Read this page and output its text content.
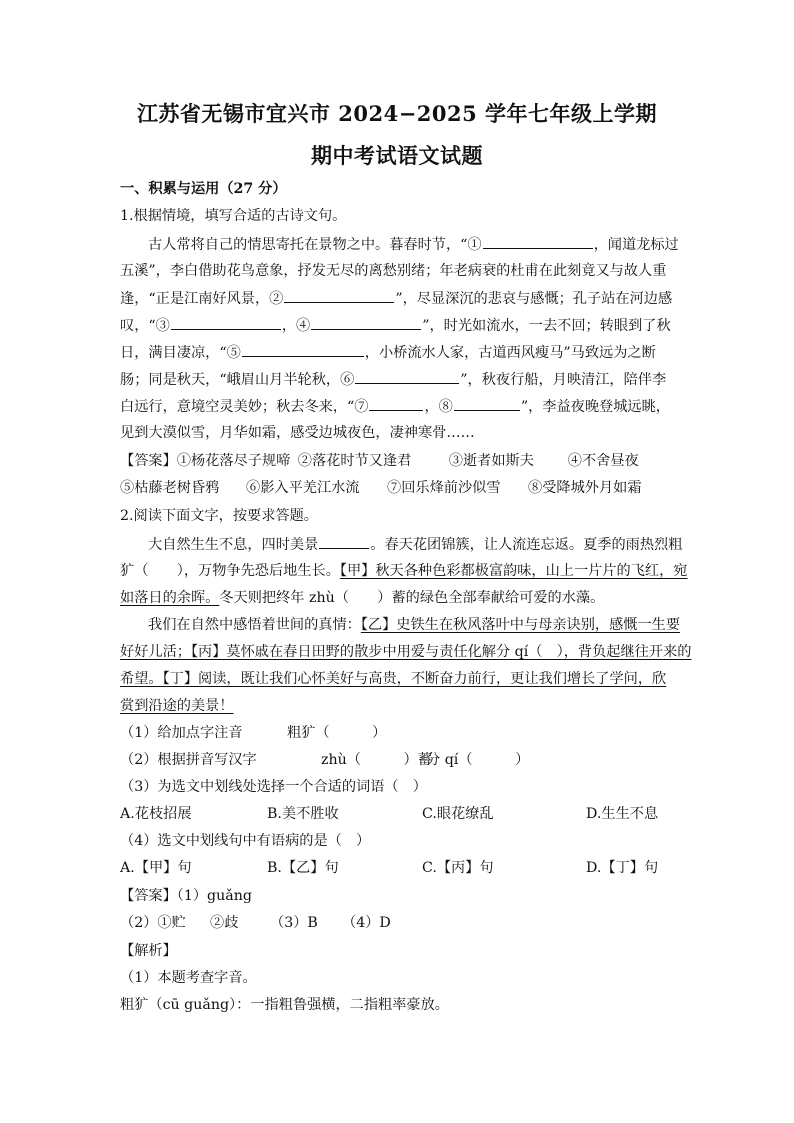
江苏省无锡市宜兴市 2024−2025 学年七年级上学期
期中考试语文试题
一、积累与运用（27 分）
1.根据情境，填写合适的古诗文句。
古人常将自己的情思寄托在景物之中。暮春时节，“①	，闻道龙标过
五溪”，李白借助花鸟意象，抒发无尽的离愁别绪；年老病衰的杜甫在此刻竟又与故人重
逢，“正是江南好风景，②	”，尽显深沉的悲哀与感慨；孔子站在河边感
叹，“③	，④	”，时光如流水，一去不回；转眼到了秋
日，满目凄凉，“⑤	，小桥流水人家，古道西风瘦马”马致远为之断
肠；同是秋天，“峨眉山月半轮秋，⑥	”，秋夜行船，月映清江，陪伴李
白远行，意境空灵美妙；秋去冬来，“⑦	，⑧	”，李益夜晚登城远眺，
见到大漠似雪，月华如霜，感受边城夜色，凄神寒骨……
【答案】①杨花落尽子规啼 ②落花时节又逢君	③逝者如斯夫 ④不舍昼夜
⑤枯藤老树昏鸦 ⑥影入平羌江水流 ⑦回乐烽前沙似雪 ⑧受降城外月如霜
2.阅读下面文字，按要求答题。
大自然生生不息，四时美景	。春天花团锦簇，让人流连忘返。夏季的雨热烈粗
犷（　　），万物争先恐后地生长。【甲】秋天各种色彩都极富韵味，山上一片片的飞红，宛
如落日的余晖。冬天则把终年 zhù（　　）蓄的绿色全部奉献给可爱的水藻。
我们在自然中感悟着世间的真情：【乙】史铁生在秋风落叶中与母亲诀别，感慨一生要
好好儿活；【丙】莫怀戚在春日田野的散步中用爱与责任化解分 qí（　），背负起继往开来的
希望。【丁】阅读，既让我们心怀美好与高贵，不断奋力前行，更让我们增长了学问，欣
赏到沿途的美景！
（1）给加点字注音	粗犷（　　　）
（2）根据拼音写汉字	zhù（　　　）蓄分 qí（　　　）
（3）为选文中划线处选择一个合适的词语（　）
A.花枝招展	B.美不胜收	C.眼花缭乱	D.生生不息
（4）选文中划线句中有语病的是（　）
A.【甲】句	B.【乙】句	C.【丙】句	D.【丁】句
【答案】（1）guǎng
（2）①贮 ②歧 （3）B （4）D
【解析】
（1）本题考查字音。
粗犷（cū guǎng）：一指粗鲁强横，二指粗率豪放。
